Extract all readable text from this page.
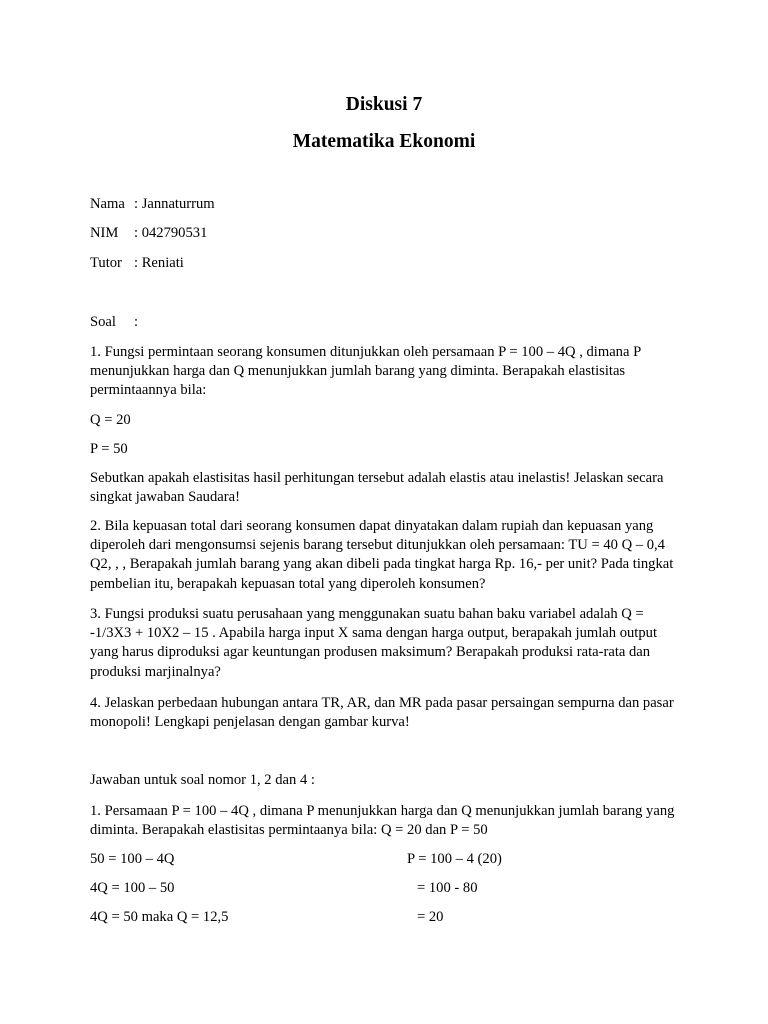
Diskusi 7

Matematika Ekonomi

Nama : Jannaturrum

NIM : 042790531

Tutor : Reniati

Soal :

1. Fungsi permintaan seorang konsumen ditunjukkan oleh persamaan P = 100 – 4Q , dimana P menunjukkan harga dan Q menunjukkan jumlah barang yang diminta. Berapakah elastisitas permintaannya bila:

Q = 20

P = 50

Sebutkan apakah elastisitas hasil perhitungan tersebut adalah elastis atau inelastis! Jelaskan secara singkat jawaban Saudara!

2. Bila kepuasan total dari seorang konsumen dapat dinyatakan dalam rupiah dan kepuasan yang diperoleh dari mengonsumsi sejenis barang tersebut ditunjukkan oleh persamaan: TU = 40 Q – 0,4 Q2, , , Berapakah jumlah barang yang akan dibeli pada tingkat harga Rp. 16,- per unit? Pada tingkat pembelian itu, berapakah kepuasan total yang diperoleh konsumen?

3. Fungsi produksi suatu perusahaan yang menggunakan suatu bahan baku variabel adalah Q = -1/3X3 + 10X2 – 15 . Apabila harga input X sama dengan harga output, berapakah jumlah output yang harus diproduksi agar keuntungan produsen maksimum? Berapakah produksi rata-rata dan produksi marjinalnya?

4. Jelaskan perbedaan hubungan antara TR, AR, dan MR pada pasar persaingan sempurna dan pasar monopoli! Lengkapi penjelasan dengan gambar kurva!

Jawaban untuk soal nomor 1, 2 dan 4 :

1. Persamaan P = 100 – 4Q , dimana P menunjukkan harga dan Q menunjukkan jumlah barang yang diminta. Berapakah elastisitas permintaanya bila: Q = 20 dan P = 50

50 = 100 – 4Q

4Q = 100 – 50

4Q = 50 maka Q = 12,5

P = 100 – 4 (20)

= 100 - 80

= 20
